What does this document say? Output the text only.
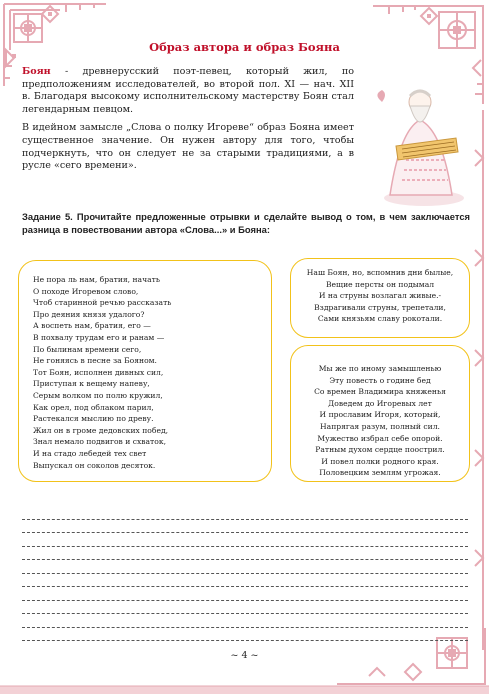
Образ автора и образ Бояна

Боян - древнерусский поэт-певец, который жил, по предположениям исследователей, во второй пол. XI — нач. XII в. Благодаря высокому исполнительскому мастерству Боян стал легендарным певцом.

В идейном замысле „Слова о полку Игореве“ образ Бояна имеет существенное значение. Он нужен автору для того, чтобы подчеркнуть, что он следует не за старыми традициями, а в русле «сего времени».

Задание 5. Прочитайте предложенные отрывки и сделайте вывод о том, в чем заключается разница в повествовании автора «Слова...» и Бояна:
Не пора ль нам, братия, начать
О походе Игоревом слово,
Чтоб старинной речью рассказать
Про деяния князя удалого?
А воспеть нам, братия, его —
В похвалу трудам его и ранам —
По былинам времени сего,
Не гоняясь в песне за Бояном.
Тот Боян, исполнен дивных сил,
Приступая к вещему напеву,
Серым волком по полю кружил,
Как орел, под облаком парил,
Растекался мыслию по древу.
Жил он в громе дедовских побед,
Знал немало подвигов и схваток,
И на стадо лебедей тех свет
Выпускал он соколов десяток.
Наш Боян, но, вспомнив дни былые,
Вещие персты он подымал
И на струны возлагал живые.-
Вздрагивали струны, трепетали,
Сами князьям славу рокотали.
Мы же по иному замышленью
Эту повесть о године бед
Со времен Владимира княженья
Доведем до Игоревых лет
И прославим Игоря, который,
Напрягая разум, полный сил.
Мужество избрал себе опорой.
Ратным духом сердце поострил.
И повел полки родного края.
Половецким землям угрожая.
~ 4 ~
